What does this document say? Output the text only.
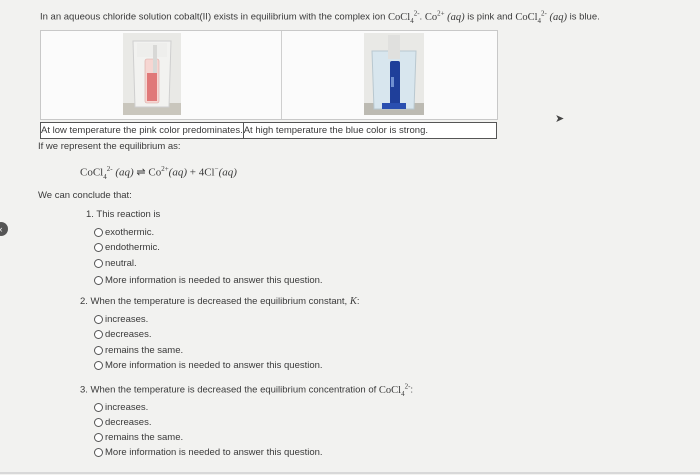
In an aqueous chloride solution cobalt(II) exists in equilibrium with the complex ion CoCl$_4^{2-}$. $Co^{2+}$ (aq) is pink and CoCl$_4^{2-}$ (aq) is blue.
At low temperature the pink color predominates.At high temperature the blue color is strong.
If we represent the equilibrium as:
CoCl$_4^{2-}$ (aq) ⇌ $Co^{2+}(aq) + 4Cl^-(aq)$
We can conclude that:
1. This reaction is
exothermic.
endothermic.
neutral.
More information is needed to answer this question.
2. When the temperature is decreased the equilibrium constant, K:
increases.
decreases.
remains the same.
More information is needed to answer this question.
3. When the temperature is decreased the equilibrium concentration of CoCl$_4^{2-}$:
increases.
decreases.
remains the same.
More information is needed to answer this question.
➤
